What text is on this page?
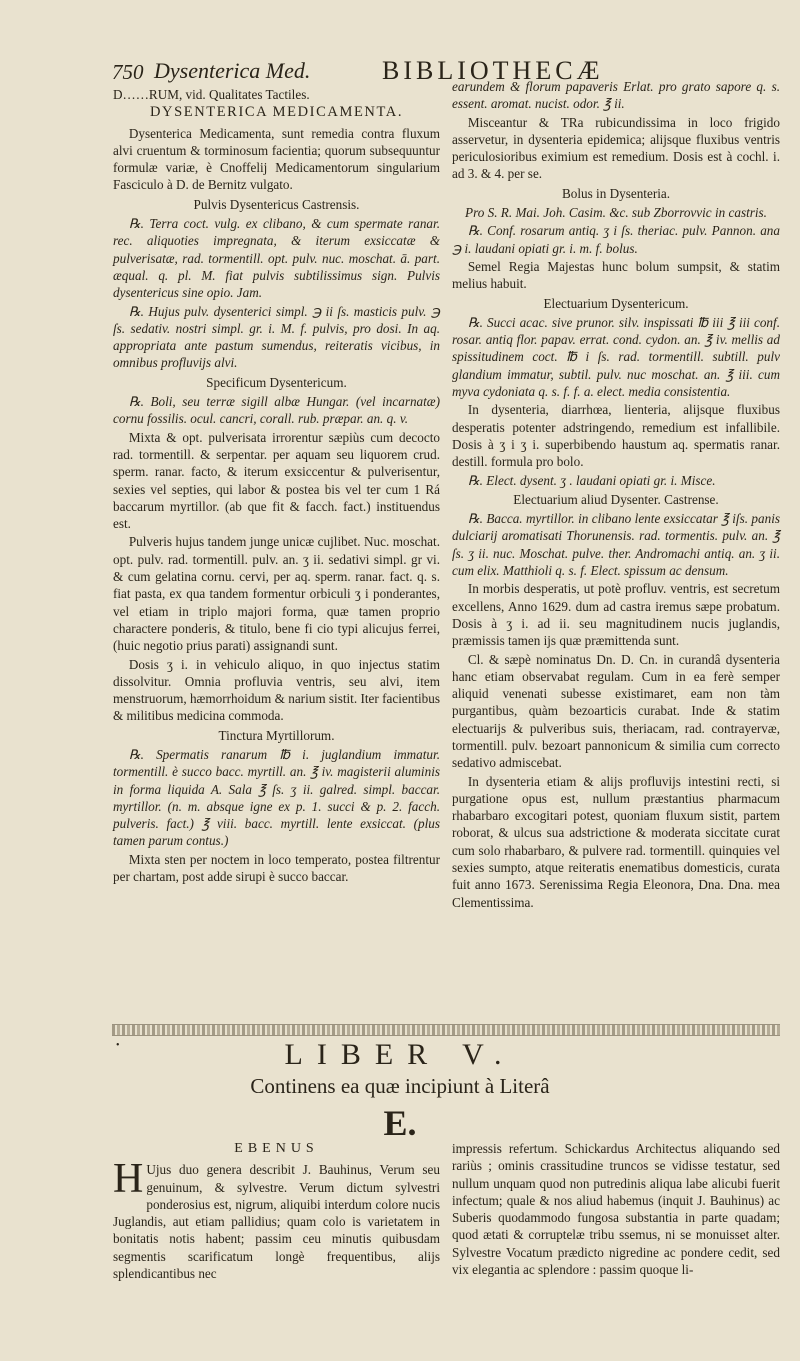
750 Dysenterica Med.	BIBLIOTHECÆ

D……RUM, vid. Qualitates Tactiles.

DYSENTERICA MEDICAMENTA.

Dysenterica Medicamenta, sunt remedia contra fluxum alvi cruentum & torminosum facientia; quorum subsequuntur formulæ variæ, è Cnoffelij Medicamentorum singularium Fasciculo à D. de Bernitz vulgato.

Pulvis Dysentericus Castrensis.

℞. Terra coct. vulg. ex clibano, & cum spermate ranar. rec. aliquoties impregnata, & iterum exsiccatæ & pulverisatæ, rad. tormentill. opt. pulv. nuc. moschat. ā. part. æqual. q. pl. M. fiat pulvis subtilissimus sign. Pulvis dysentericus sine opio. Jam.

℞. Hujus pulv. dysenterici simpl. ℈ ii ſs. masticis pulv. ℈ ſs. sedativ. nostri simpl. gr. i. M. f. pulvis, pro dosi. In aq. appropriata ante pastum sumendus, reiteratis vicibus, in omnibus profluvijs alvi.

Specificum Dysentericum.

℞. Boli, seu terræ sigill albæ Hungar. (vel incarnatæ) cornu fossilis. ocul. cancri, corall. rub. præpar. an. q. v.

Mixta & opt. pulverisata irrorentur sæpiùs cum decocto rad. tormentill. & serpentar. per aquam seu liquorem crud. sperm. ranar. facto, & iterum exsiccentur & pulverisentur, sexies vel septies, qui labor & postea bis vel ter cum 1 Rá baccarum myrtillor. (ab que fit & facch. fact.) instituendus est.

Pulveris hujus tandem junge unicæ cujlibet. Nuc. moschat. opt. pulv. rad. tormentill. pulv. an. ʒ ii. sedativi simpl. gr vi. & cum gelatina cornu. cervi, per aq. sperm. ranar. fact. q. s. fiat pasta, ex qua tandem formentur orbiculi ʒ i ponderantes, vel etiam in triplo majori forma, quæ tamen proprio charactere ponderis, & titulo, bene fi cio typi alicujus ferrei, (huic negotio prius parati) assignandi sunt.

Dosis ʒ i. in vehiculo aliquo, in quo injectus statim dissolvitur. Omnia profluvia ventris, seu alvi, item menstruorum, hæmorrhoidum & narium sistit. Iter facientibus & militibus medicina commoda.

Tinctura Myrtillorum.

℞. Spermatis ranarum ℔ i. juglandium immatur. tormentill. è succo bacc. myrtill. an. ℥ iv. magisterii aluminis in forma liquida A. Sala ℥ ſs. ʒ ii. galred. simpl. baccar. myrtillor. (n. m. absque igne ex p. 1. succi & p. 2. facch. pulveris. fact.) ℥ viii. bacc. myrtill. lente exsiccat. (plus tamen parum contus.)

Mixta sten per noctem in loco temperato, postea filtrentur per chartam, post adde sirupi è succo baccar.

earundem & florum papaveris Erlat. pro grato sapore q. s. essent. aromat. nucist. odor. ℥ ii.

Misceantur & TRa rubicundissima in loco frigido asservetur, in dysenteria epidemica; alijsque fluxibus ventris periculosioribus eximium est remedium. Dosis est à cochl. i. ad 3. & 4. per se.

Bolus in Dysenteria.

Pro S. R. Mai. Joh. Casim. &c. sub Zborrovvic in castris.

℞. Conf. rosarum antiq. ʒ i ſs. theriac. pulv. Pannon. ana ℈ i. laudani opiati gr. i. m. f. bolus.

Semel Regia Majestas hunc bolum sumpsit, & statim melius habuit.

Electuarium Dysentericum.

℞. Succi acac. sive prunor. silv. inspissati ℔ iii ℥ iii conf. rosar. antiq flor. papav. errat. cond. cydon. an. ℥ iv. mellis ad spissitudinem coct. ℔ i ſs. rad. tormentill. subtill. pulv glandium immatur, subtil. pulv. nuc moschat. an. ℥ iii. cum myva cydoniata q. s. f. f. a. elect. media consistentia.

In dysenteria, diarrhœa, lienteria, alijsque fluxibus desperatis potenter adstringendo, remedium est infallibile. Dosis à ʒ i ʒ i. superbibendo haustum aq. spermatis ranar. destill. formula pro bolo.

℞. Elect. dysent. ʒ . laudani opiati gr. i. Misce.

Electuarium aliud Dysenter. Castrense.

℞. Bacca. myrtillor. in clibano lente exsiccatar ℥ iſs. panis dulciarij aromatisati Thorunensis. rad. tormentis. pulv. an. ℥ ſs. ʒ ii. nuc. Moschat. pulve. ther. Andromachi antiq. an. ʒ ii. cum elix. Matthioli q. s. f. Elect. spissum ac densum.

In morbis desperatis, ut potè profluv. ventris, est secretum excellens, Anno 1629. dum ad castra iremus sæpe probatum. Dosis à ʒ i. ad ii. seu magnitudinem nucis juglandis, præmissis tamen ijs quæ præmittenda sunt.

Cl. & sæpè nominatus Dn. D. Cn. in curandâ dysenteria hanc etiam observabat regulam. Cum in ea ferè semper aliquid venenati subesse existimaret, eam non tàm purgantibus, quàm bezoarticis curabat. Inde & statim electuarijs & pulveribus suis, theriacam, rad. contrayervæ, tormentill. pulv. bezoart pannonicum & similia cum correcto sedativo admiscebat.

In dysenteria etiam & alijs profluvijs intestini recti, si purgatione opus est, nullum præstantius pharmacum rhabarbaro excogitari potest, quoniam fluxum sistit, partem roborat, & ulcus sua adstrictione & moderata siccitate curat cum solo rhabarbaro, & pulvere rad. tormentill. quinquies vel sexies sumpto, atque reiteratis enematibus domesticis, curata fuit anno 1673. Serenissima Regia Eleonora, Dna. Dna. mea Clementissima.

•	LIBER V.
Continens ea quæ incipiunt à Literâ
E.

EBENUS

H Ujus duo genera describit J. Bauhinus, Verum seu genuinum, & sylvestre. Verum dictum sylvestri ponderosius est, nigrum, aliquibi interdum colore nucis Juglandis, aut etiam pallidius; quam colo is varietatem in bonitatis notis habent; passim ceu minutis quibusdam segmentis scarificatum longè frequentibus, alijs splendicantibus nec

impressis refertum. Schickardus Architectus aliquando sed rariùs ; ominis crassitudine truncos se vidisse testatur, sed nullum unquam quod non putredinis aliqua labe alicubi fuerit infectum; quale & nos aliud habemus (inquit J. Bauhinus) ac Suberis quodammodo fungosa substantia in parte quadam; quod ætati & corruptelæ tribu ssemus, ni se monuisset alter. Sylvestre Vocatum prædicto nigredine ac pondere cedit, sed vix elegantia ac splendore : passim quoque li-
